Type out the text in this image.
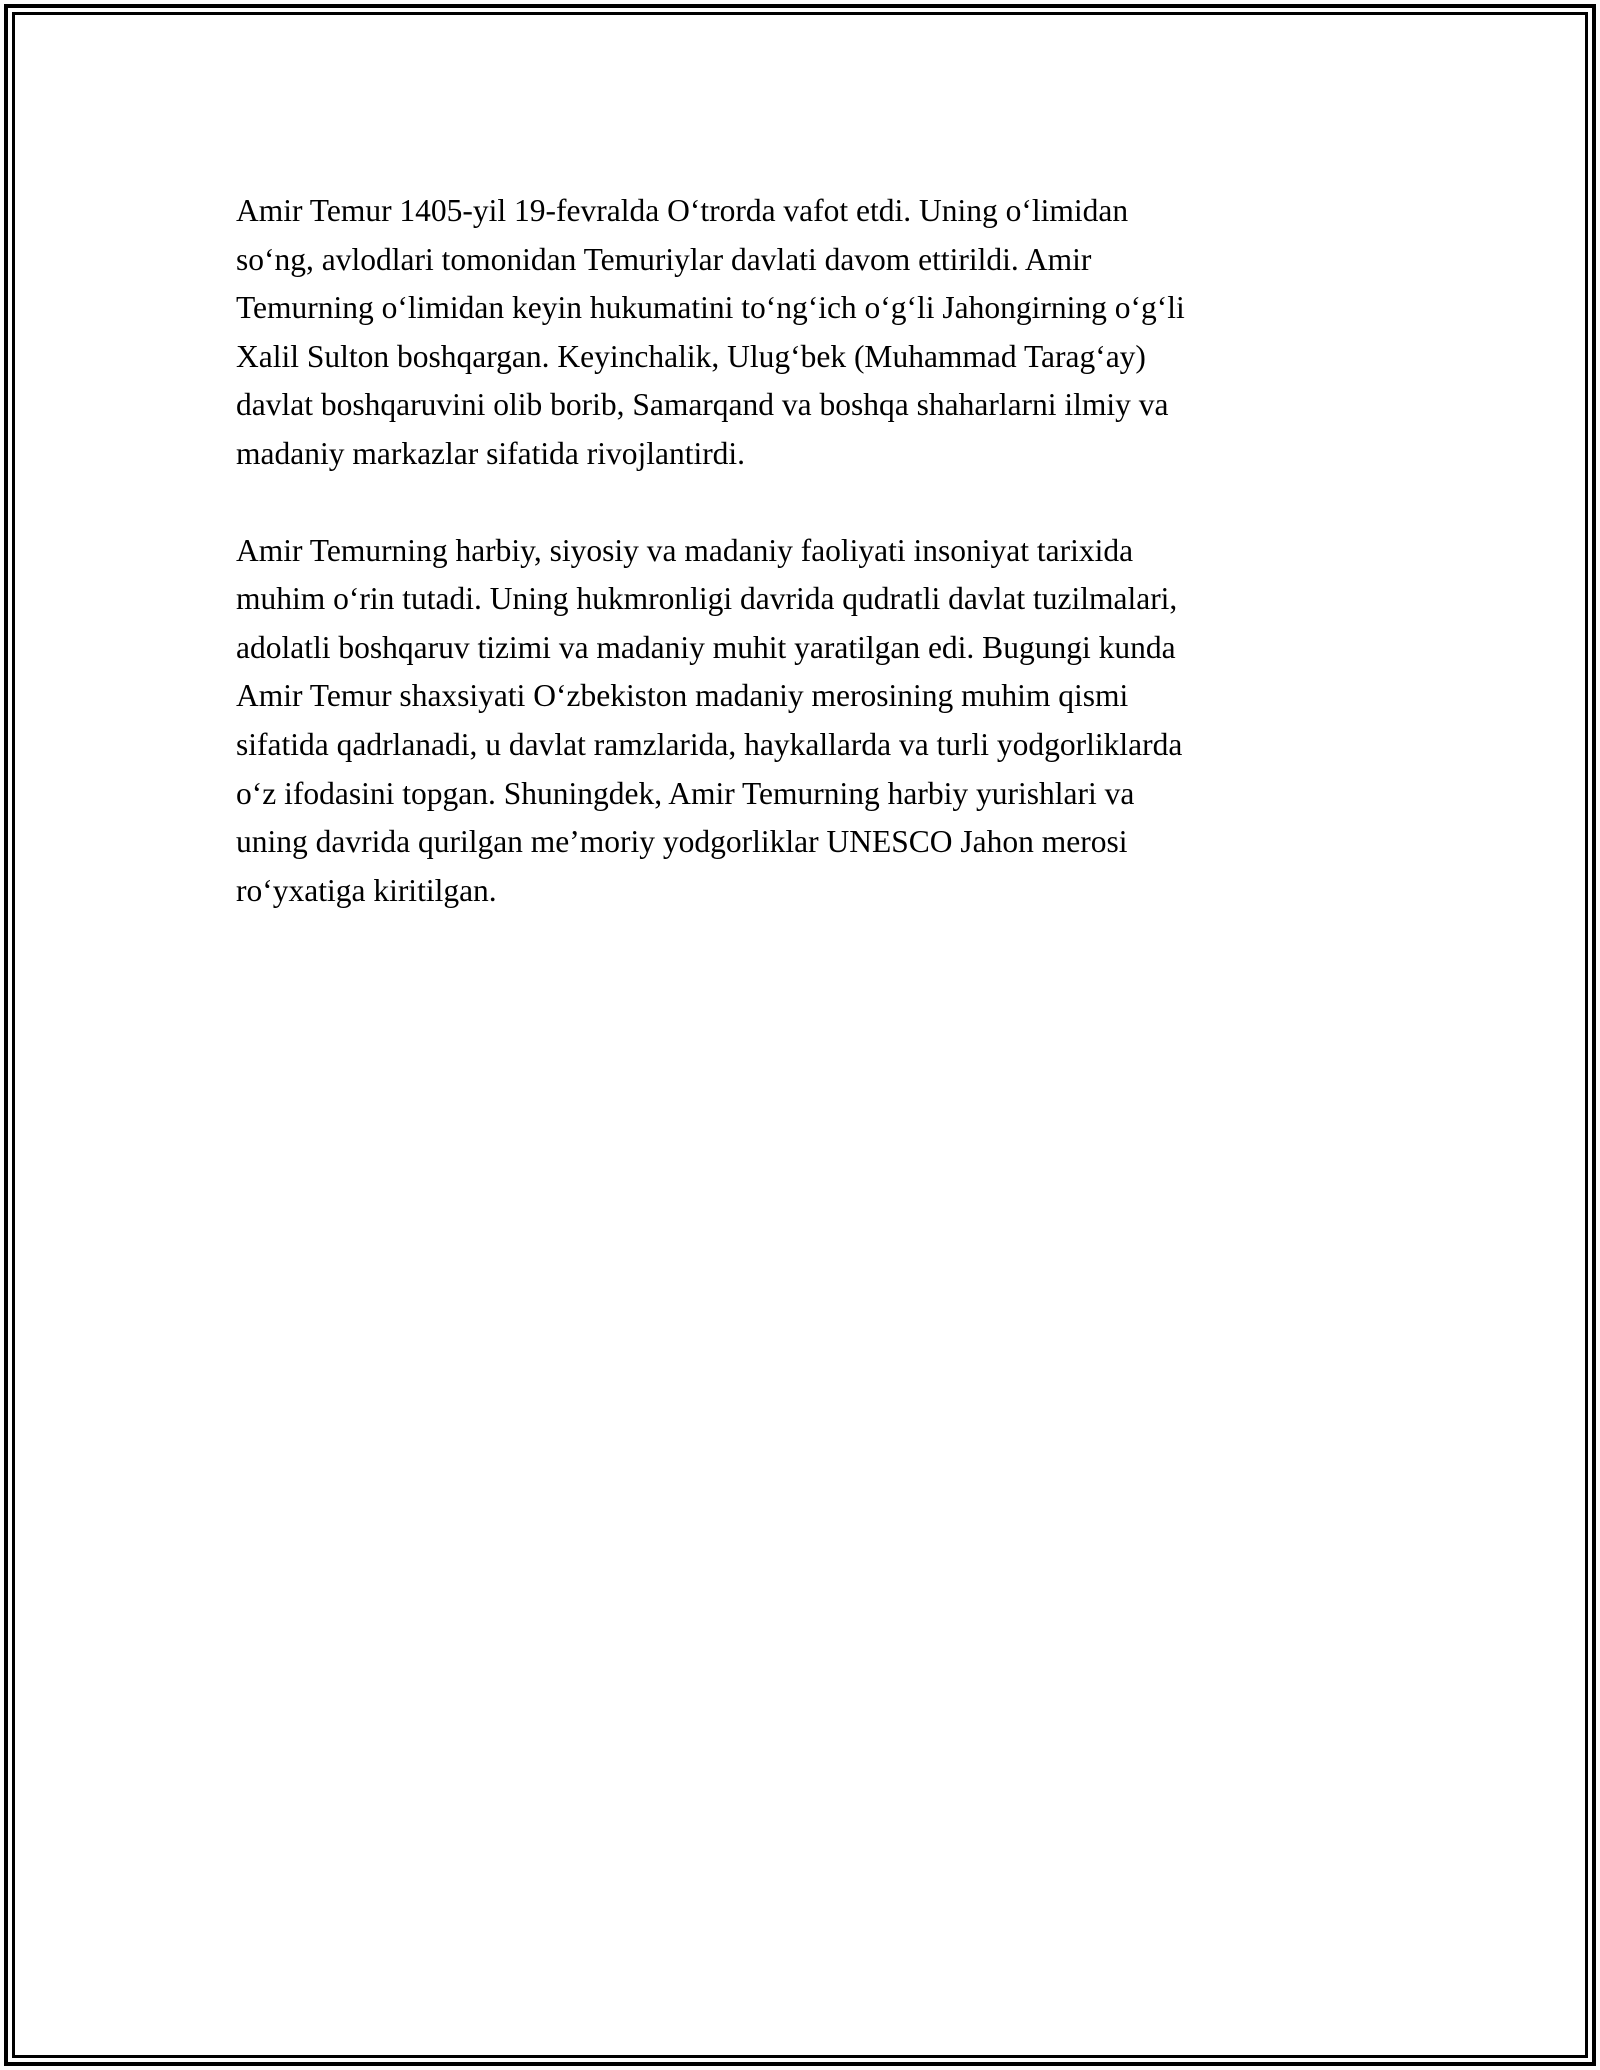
Amir Temur 1405-yil 19-fevralda O‘trorda vafot etdi. Uning o‘limidan
so‘ng, avlodlari tomonidan Temuriylar davlati davom ettirildi. Amir
Temurning o‘limidan keyin hukumatini to‘ng‘ich o‘g‘li Jahongirning o‘g‘li
Xalil Sulton boshqargan. Keyinchalik, Ulug‘bek (Muhammad Tarag‘ay)
davlat boshqaruvini olib borib, Samarqand va boshqa shaharlarni ilmiy va
madaniy markazlar sifatida rivojlantirdi.

Amir Temurning harbiy, siyosiy va madaniy faoliyati insoniyat tarixida
muhim o‘rin tutadi. Uning hukmronligi davrida qudratli davlat tuzilmalari,
adolatli boshqaruv tizimi va madaniy muhit yaratilgan edi. Bugungi kunda
Amir Temur shaxsiyati O‘zbekiston madaniy merosining muhim qismi
sifatida qadrlanadi, u davlat ramzlarida, haykallarda va turli yodgorliklarda
o‘z ifodasini topgan. Shuningdek, Amir Temurning harbiy yurishlari va
uning davrida qurilgan me’moriy yodgorliklar UNESCO Jahon merosi
ro‘yxatiga kiritilgan.
